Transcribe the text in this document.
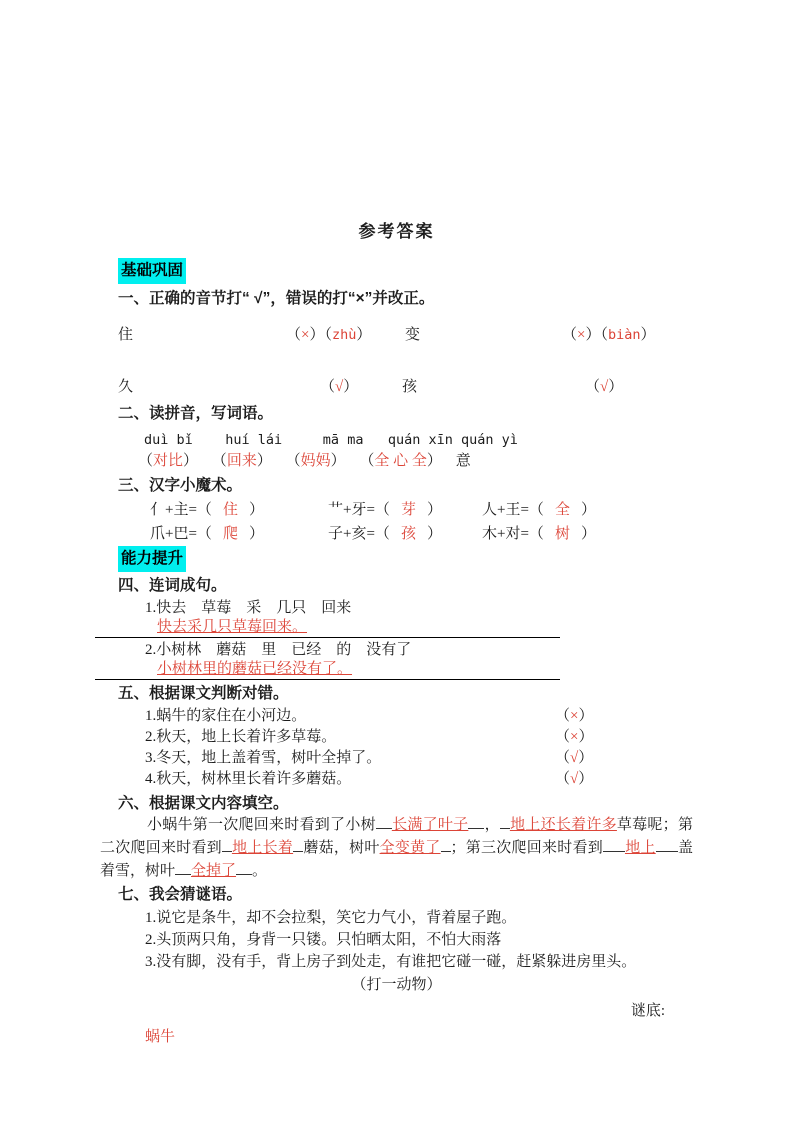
参考答案
基础巩固
一、正确的音节打“ √”，错误的打“×”并改正。
住	（×）（zhù） 变	（×）（biàn）
久	（√）	孩	（√）
二、读拼音，写词语。
duì bǐ    huí lái     mā ma   quán xīn quán yì
（对比） （回来） （妈妈） （全 心 全） 意
三、汉字小魔术。
亻+主=（ 住 ）	艹+牙=（ 芽 ）	人+王=（ 全 ）
爪+巴=（ 爬 ）	子+亥=（ 孩 ）	木+对=（ 树 ）
能力提升
四、连词成句。
1.快去　草莓　采　几只　回来
快去采几只草莓回来。
2.小树林　蘑菇　里　已经　的　没有了
小树林里的蘑菇已经没有了。
五、根据课文判断对错。
1.蜗牛的家住在小河边。	（×）
2.秋天，地上长着许多草莓。	（×）
3.冬天，地上盖着雪，树叶全掉了。	（√）
4.秋天，树林里长着许多蘑菇。	（√）
六、根据课文内容填空。

小蜗牛第一次爬回来时看到了小树 长满了叶子 ， 地上还长着许多草莓呢；第二次爬回来时看到 地上长着 蘑菇，树叶全变黄了 ；第三次爬回来时看到 地上 盖着雪，树叶 全掉了 。

七、我会猜谜语。
1.说它是条牛，却不会拉梨，笑它力气小，背着屋子跑。
2.头顶两只角，身背一只镂。只怕晒太阳，不怕大雨落
3.没有脚，没有手，背上房子到处走，有谁把它碰一碰，赶紧躲进房里头。
（打一动物）
谜底:
蜗牛
